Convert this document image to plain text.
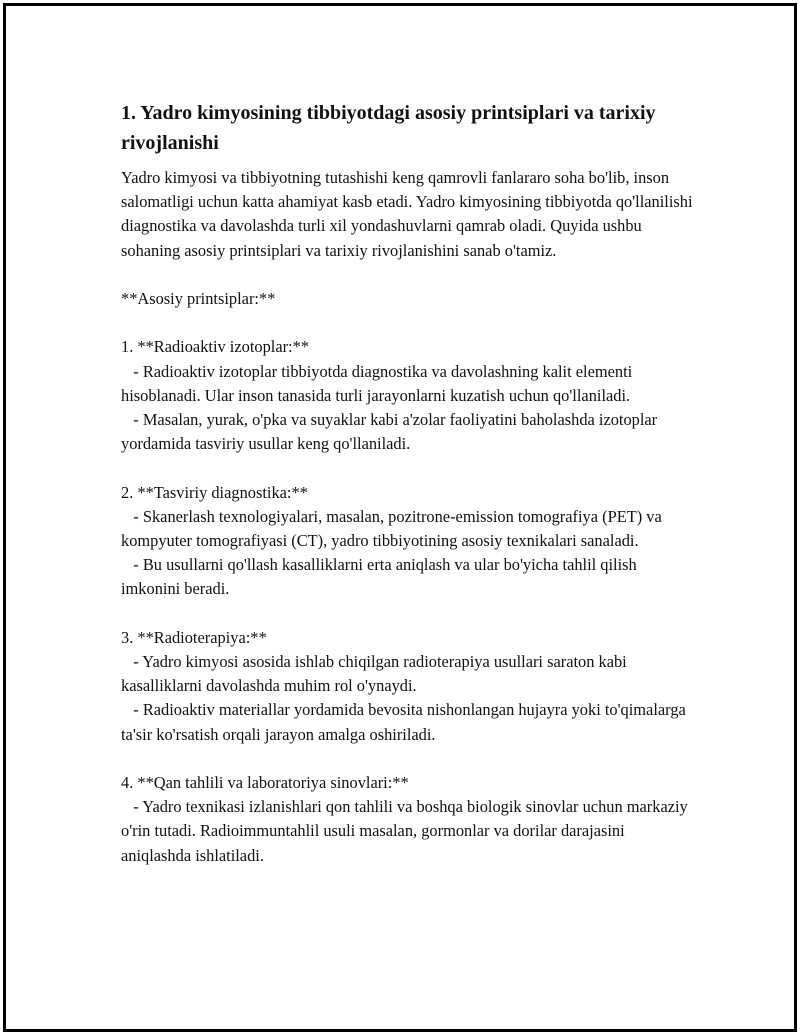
1. Yadro kimyosining tibbiyotdagi asosiy printsiplari va tarixiy rivojlanishi

Yadro kimyosi va tibbiyotning tutashishi keng qamrovli fanlararo soha bo'lib, inson salomatligi uchun katta ahamiyat kasb etadi. Yadro kimyosining tibbiyotda qo'llanilishi diagnostika va davolashda turli xil yondashuvlarni qamrab oladi. Quyida ushbu sohaning asosiy printsiplari va tarixiy rivojlanishini sanab o'tamiz.

**Asosiy printsiplar:**

1. **Radioaktiv izotoplar:**

- Radioaktiv izotoplar tibbiyotda diagnostika va davolashning kalit elementi hisoblanadi. Ular inson tanasida turli jarayonlarni kuzatish uchun qo'llaniladi.

- Masalan, yurak, o'pka va suyaklar kabi a'zolar faoliyatini baholashda izotoplar yordamida tasviriy usullar keng qo'llaniladi.

2. **Tasviriy diagnostika:**

- Skanerlash texnologiyalari, masalan, pozitrone-emission tomografiya (PET) va kompyuter tomografiyasi (CT), yadro tibbiyotining asosiy texnikalari sanaladi.

- Bu usullarni qo'llash kasalliklarni erta aniqlash va ular bo'yicha tahlil qilish imkonini beradi.

3. **Radioterapiya:**

- Yadro kimyosi asosida ishlab chiqilgan radioterapiya usullari saraton kabi kasalliklarni davolashda muhim rol o'ynaydi.

- Radioaktiv materiallar yordamida bevosita nishonlangan hujayra yoki to'qimalarga ta'sir ko'rsatish orqali jarayon amalga oshiriladi.

4. **Qan tahlili va laboratoriya sinovlari:**

- Yadro texnikasi izlanishlari qon tahlili va boshqa biologik sinovlar uchun markaziy o'rin tutadi. Radioimmuntahlil usuli masalan, gormonlar va dorilar darajasini aniqlashda ishlatiladi.
